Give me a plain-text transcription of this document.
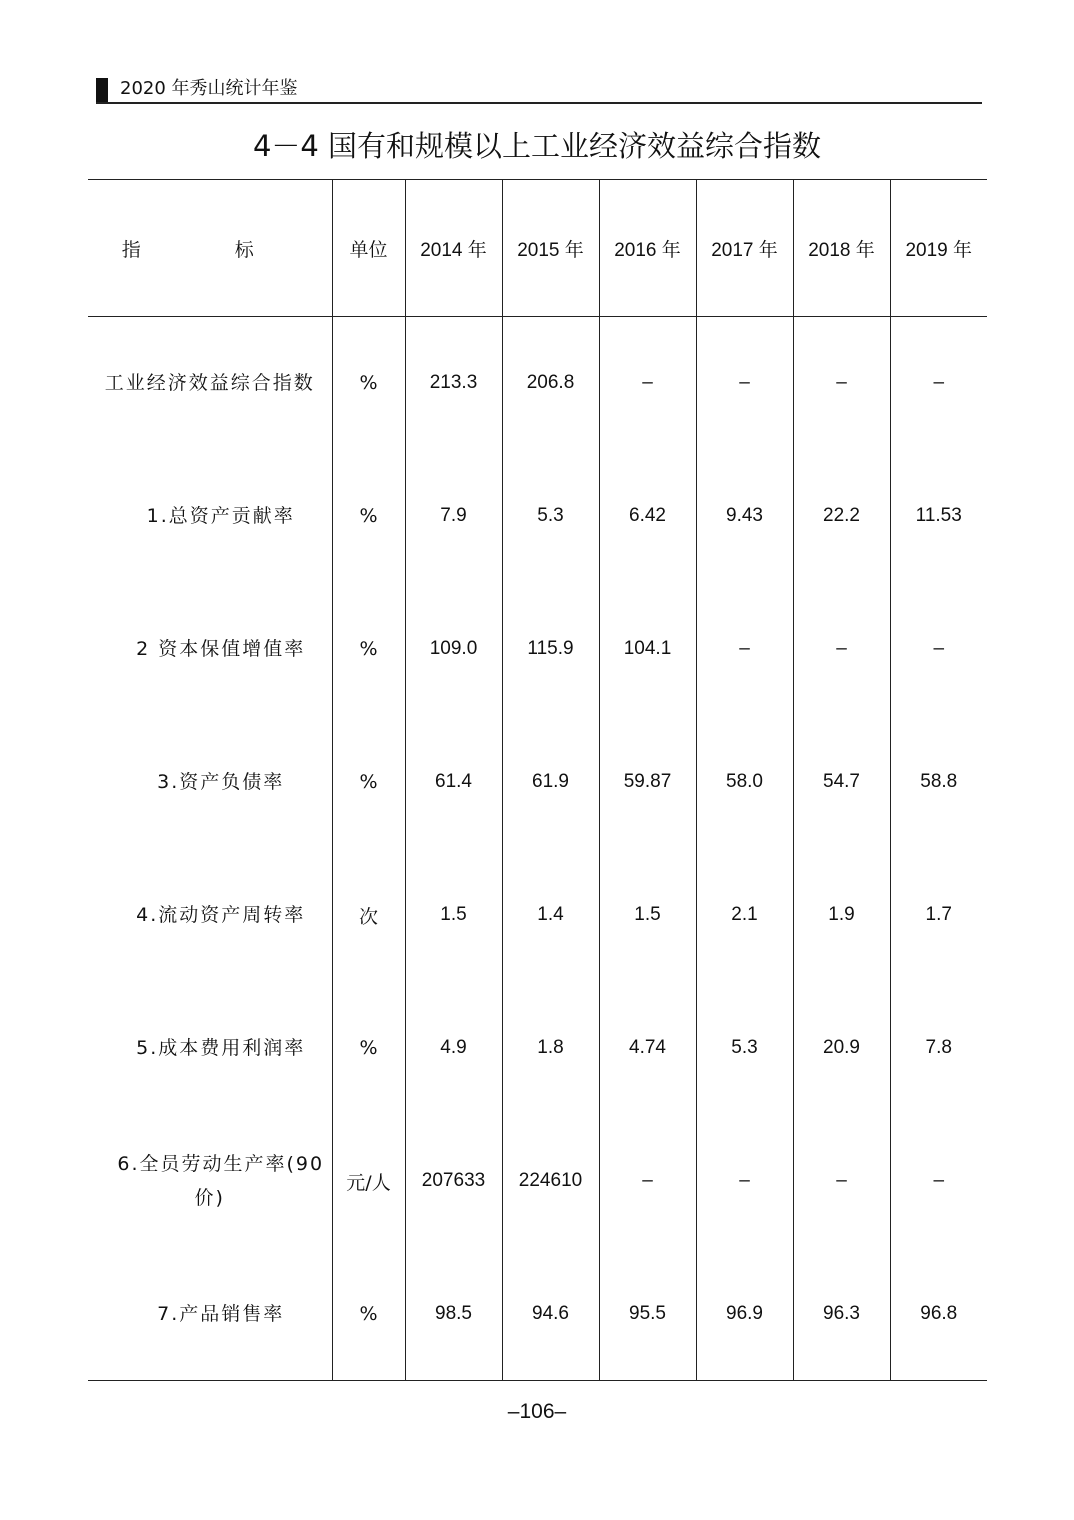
2020 年秀山统计年鉴
4－4 国有和规模以上工业经济效益综合指数
指 标	单位	2014 年	2015 年	2016 年	2017 年	2018 年	2019 年
工业经济效益综合指数	%	213.3	206.8	–	–	–	–
1.总资产贡献率	%	7.9	5.3	6.42	9.43	22.2	11.53
2 资本保值增值率	%	109.0	115.9	104.1	–	–	–
3.资产负债率	%	61.4	61.9	59.87	58.0	54.7	58.8
4.流动资产周转率	次	1.5	1.4	1.5	2.1	1.9	1.7
5.成本费用利润率	%	4.9	1.8	4.74	5.3	20.9	7.8
6.全员劳动生产率(90 价)	元/人	207633	224610	–	–	–	–
7.产品销售率	%	98.5	94.6	95.5	96.9	96.3	96.8
–106–
